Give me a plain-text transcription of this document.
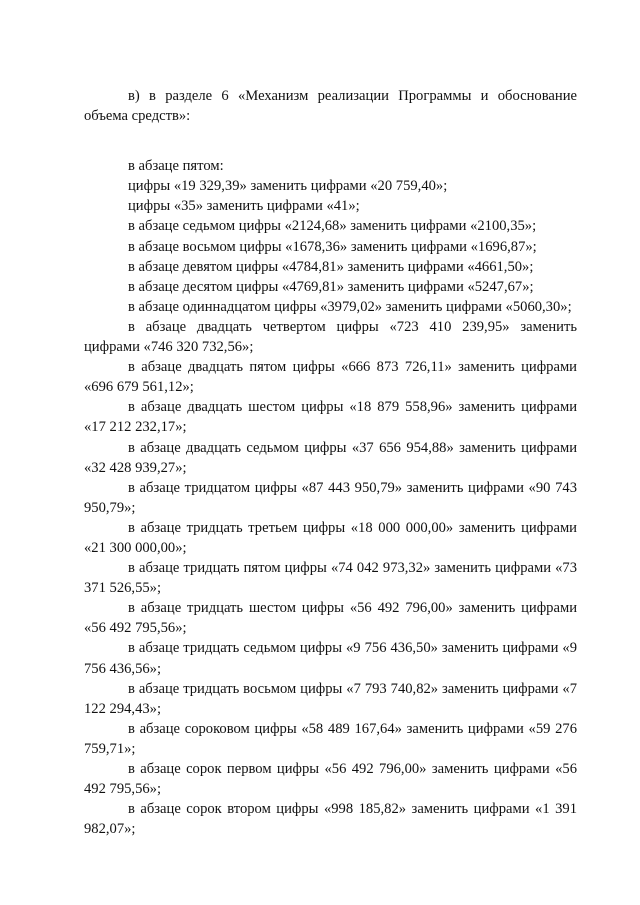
в) в разделе 6 «Механизм реализации Программы и обоснование объема средств»:

в абзаце пятом:

цифры «19 329,39» заменить цифрами «20 759,40»;

цифры «35» заменить цифрами «41»;

в абзаце седьмом цифры «2124,68» заменить цифрами «2100,35»;

в абзаце восьмом цифры «1678,36» заменить цифрами «1696,87»;

в абзаце девятом цифры «4784,81» заменить цифрами «4661,50»;

в абзаце десятом цифры «4769,81» заменить цифрами «5247,67»;

в абзаце одиннадцатом цифры «3979,02» заменить цифрами «5060,30»;

в абзаце двадцать четвертом цифры «723 410 239,95» заменить цифрами «746 320 732,56»;

в абзаце двадцать пятом цифры «666 873 726,11» заменить цифрами «696 679 561,12»;

в абзаце двадцать шестом цифры «18 879 558,96» заменить цифрами «17 212 232,17»;

в абзаце двадцать седьмом цифры «37 656 954,88» заменить цифрами «32 428 939,27»;

в абзаце тридцатом цифры «87 443 950,79» заменить цифрами «90 743 950,79»;

в абзаце тридцать третьем цифры «18 000 000,00» заменить цифрами «21 300 000,00»;

в абзаце тридцать пятом цифры «74 042 973,32» заменить цифрами «73 371 526,55»;

в абзаце тридцать шестом цифры «56 492 796,00» заменить цифрами «56 492 795,56»;

в абзаце тридцать седьмом цифры «9 756 436,50» заменить цифрами «9 756 436,56»;

в абзаце тридцать восьмом цифры «7 793 740,82» заменить цифрами «7 122 294,43»;

в абзаце сороковом цифры «58 489 167,64» заменить цифрами «59 276 759,71»;

в абзаце сорок первом цифры «56 492 796,00» заменить цифрами «56 492 795,56»;

в абзаце сорок втором цифры «998 185,82» заменить цифрами «1 391 982,07»;
